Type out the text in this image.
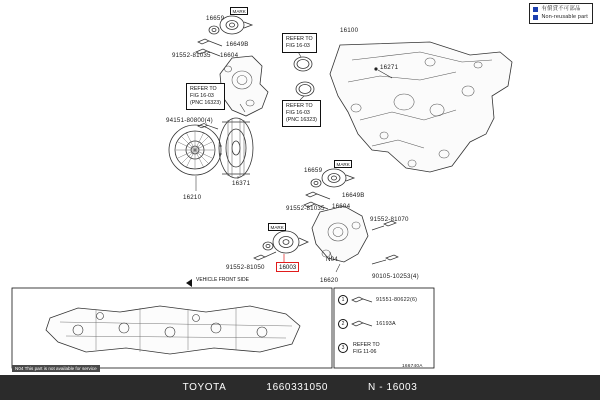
有償貸不可部品
Non-reusable part
16659
MARK
16649B
91552-81035 16604
16100
16271
94151-80800(4)
16371
16210
16659
MARK
16649B
91552-81035 16604
91552-81070
MARK
91552-81050
N04
16620
90105-10253(4)
16003
REFER TO
FIG 16-03
REFER TO
FIG 16-03
(PNC 16323)	REFER TO
FIG 16-03
(PNC 16323)
VEHICLE FRONT SIDE
1	91551-80622(6)
2	16193A
3	REFER TO
FIG 11-06
N04 This part is not available for service	166740A
TOYOTA	1660331050	N - 16003
